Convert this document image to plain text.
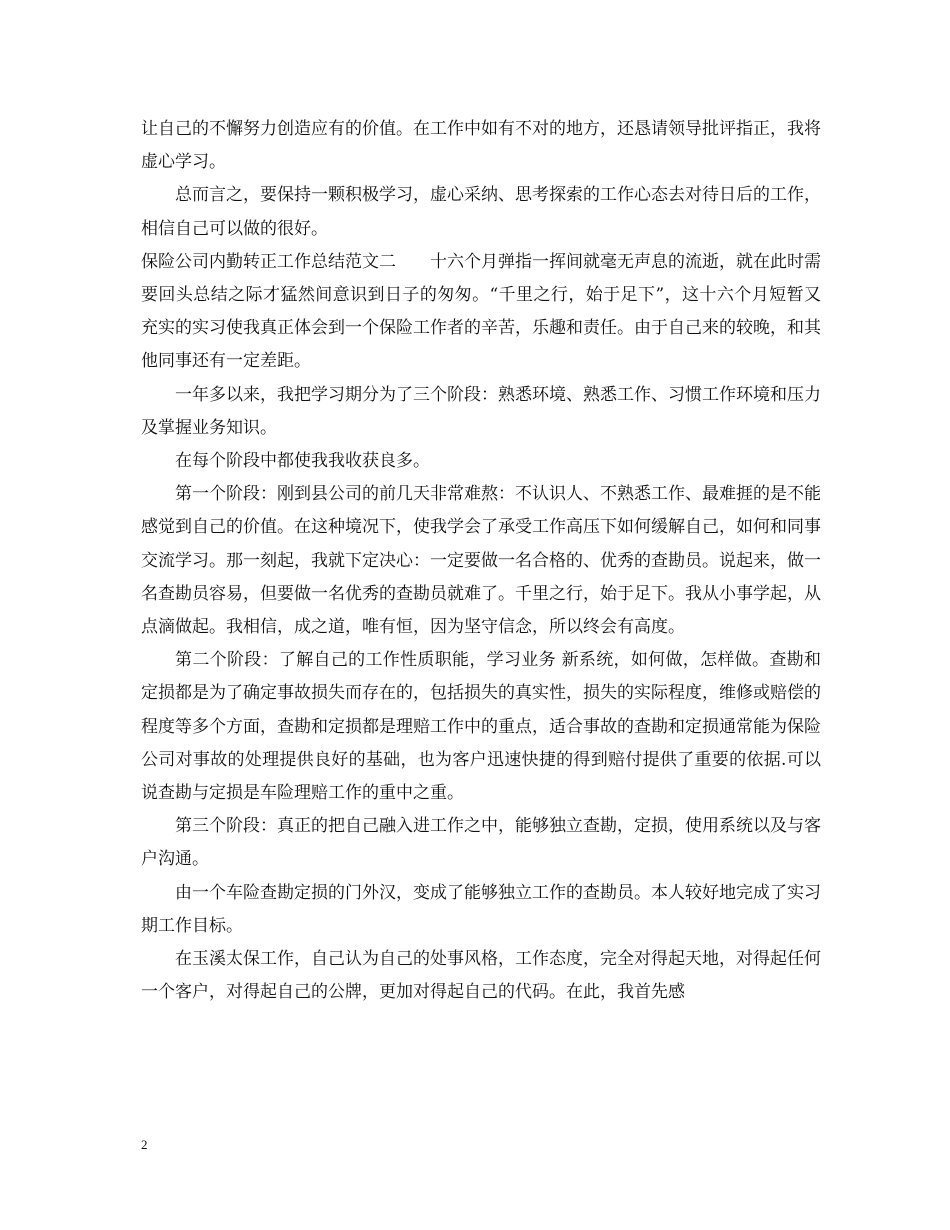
让自己的不懈努力创造应有的价值。在工作中如有不对的地方，还恳请领导批评指正，我将虚心学习。

总而言之，要保持一颗积极学习，虚心采纳、思考探索的工作心态去对待日后的工作，相信自己可以做的很好。

保险公司内勤转正工作总结范文二　　十六个月弹指一挥间就毫无声息的流逝，就在此时需要回头总结之际才猛然间意识到日子的匆匆。“千里之行，始于足下”，这十六个月短暂又充实的实习使我真正体会到一个保险工作者的辛苦，乐趣和责任。由于自己来的较晚，和其他同事还有一定差距。

一年多以来，我把学习期分为了三个阶段：熟悉环境、熟悉工作、习惯工作环境和压力及掌握业务知识。

在每个阶段中都使我我收获良多。

第一个阶段：刚到县公司的前几天非常难熬：不认识人、不熟悉工作、最难捱的是不能感觉到自己的价值。在这种境况下，使我学会了承受工作高压下如何缓解自己，如何和同事交流学习。那一刻起，我就下定决心：一定要做一名合格的、优秀的查勘员。说起来，做一名查勘员容易，但要做一名优秀的查勘员就难了。千里之行，始于足下。我从小事学起，从点滴做起。我相信，成之道，唯有恒，因为坚守信念，所以终会有高度。

第二个阶段：了解自己的工作性质职能，学习业务 新系统，如何做，怎样做。查勘和定损都是为了确定事故损失而存在的，包括损失的真实性，损失的实际程度，维修或赔偿的程度等多个方面，查勘和定损都是理赔工作中的重点，适合事故的查勘和定损通常能为保险公司对事故的处理提供良好的基础，也为客户迅速快捷的得到赔付提供了重要的依据.可以说查勘与定损是车险理赔工作的重中之重。

第三个阶段：真正的把自己融入进工作之中，能够独立查勘，定损，使用系统以及与客户沟通。

由一个车险查勘定损的门外汉，变成了能够独立工作的查勘员。本人较好地完成了实习期工作目标。

在玉溪太保工作，自己认为自己的处事风格，工作态度，完全对得起天地，对得起任何一个客户，对得起自己的公牌，更加对得起自己的代码。在此，我首先感

2
